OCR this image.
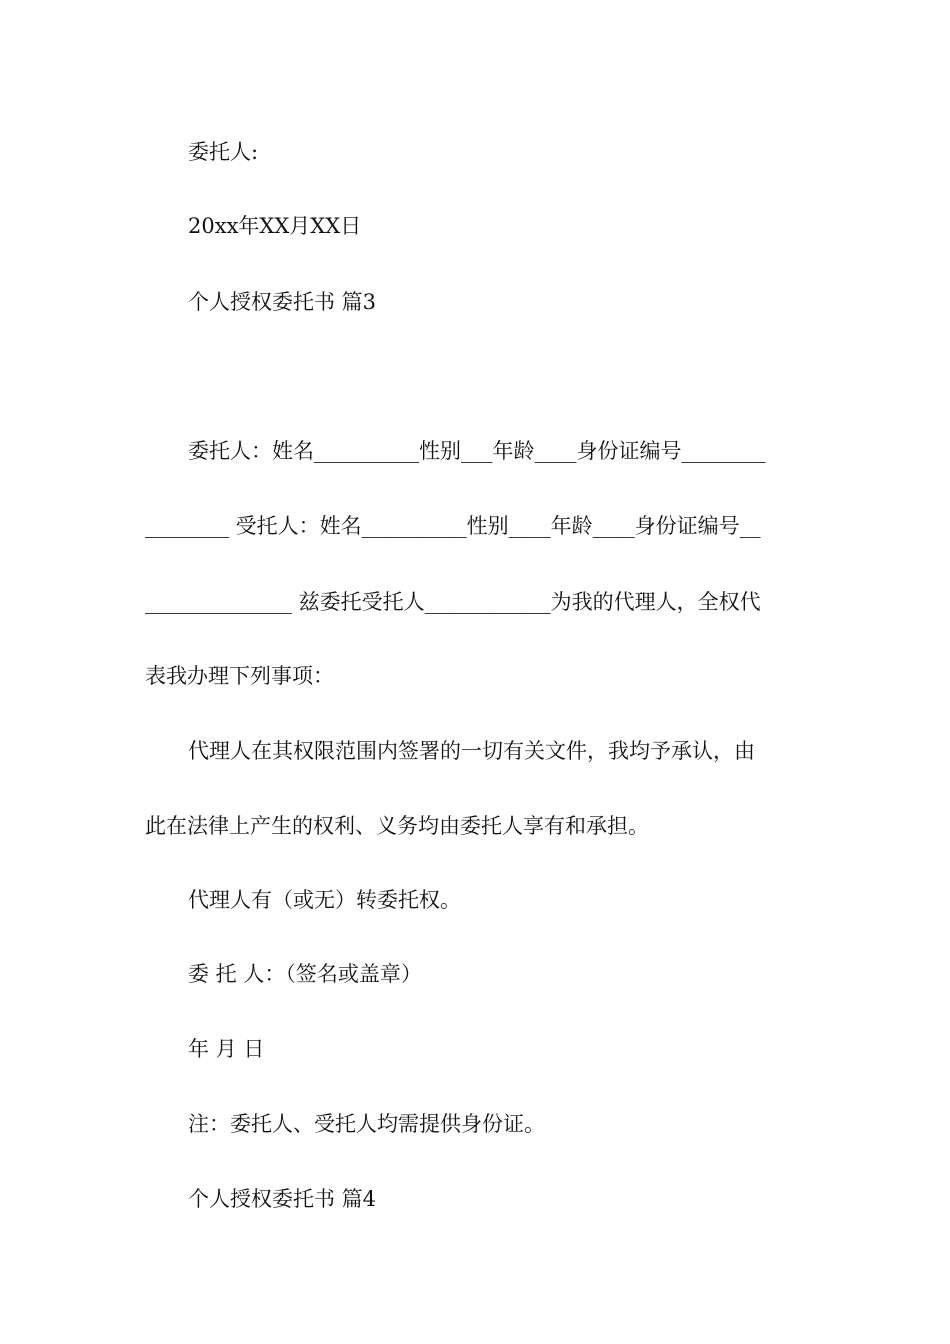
委托人:
20xx年XX月XX日
个人授权委托书 篇3
委托人：姓名__________性别___年龄____身份证编号________
________ 受托人：姓名__________性别____年龄____身份证编号__
______________ 兹委托受托人____________为我的代理人，全权代
表我办理下列事项：
代理人在其权限范围内签署的一切有关文件，我均予承认，由
此在法律上产生的权利、义务均由委托人享有和承担。
代理人有（或无）转委托权。
委 托 人：（签名或盖章）
年 月 日
注：委托人、受托人均需提供身份证。
个人授权委托书 篇4
